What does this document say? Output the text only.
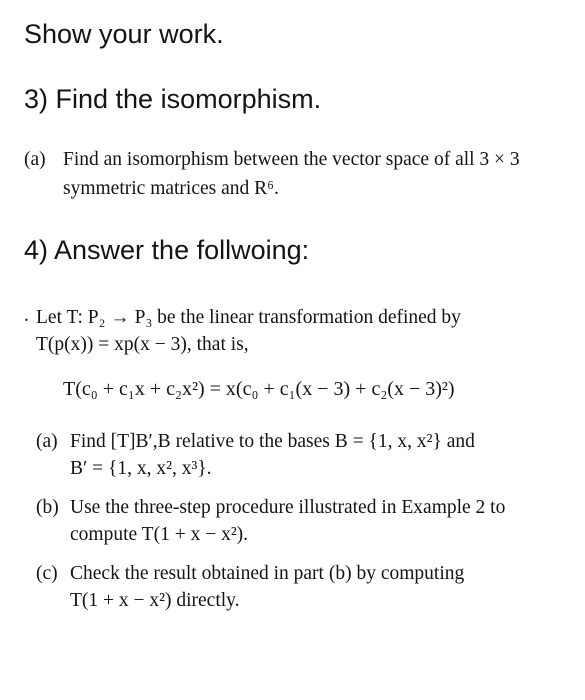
Show your work.
3) Find the isomorphism.
(a) Find an isomorphism between the vector space of all 3 × 3
symmetric matrices and R⁶.
4) Answer the follwoing:
. Let T: P₂ → P₃ be the linear transformation defined by
T(p(x)) = xp(x − 3), that is,
T(c₀ + c₁x + c₂x²) = x(c₀ + c₁(x − 3) + c₂(x − 3)²)
(a) Find [T]B′,B relative to the bases B = {1, x, x²} and
B′ = {1, x, x², x³}.
(b) Use the three-step procedure illustrated in Example 2 to
compute T(1 + x − x²).
(c) Check the result obtained in part (b) by computing
T(1 + x − x²) directly.
